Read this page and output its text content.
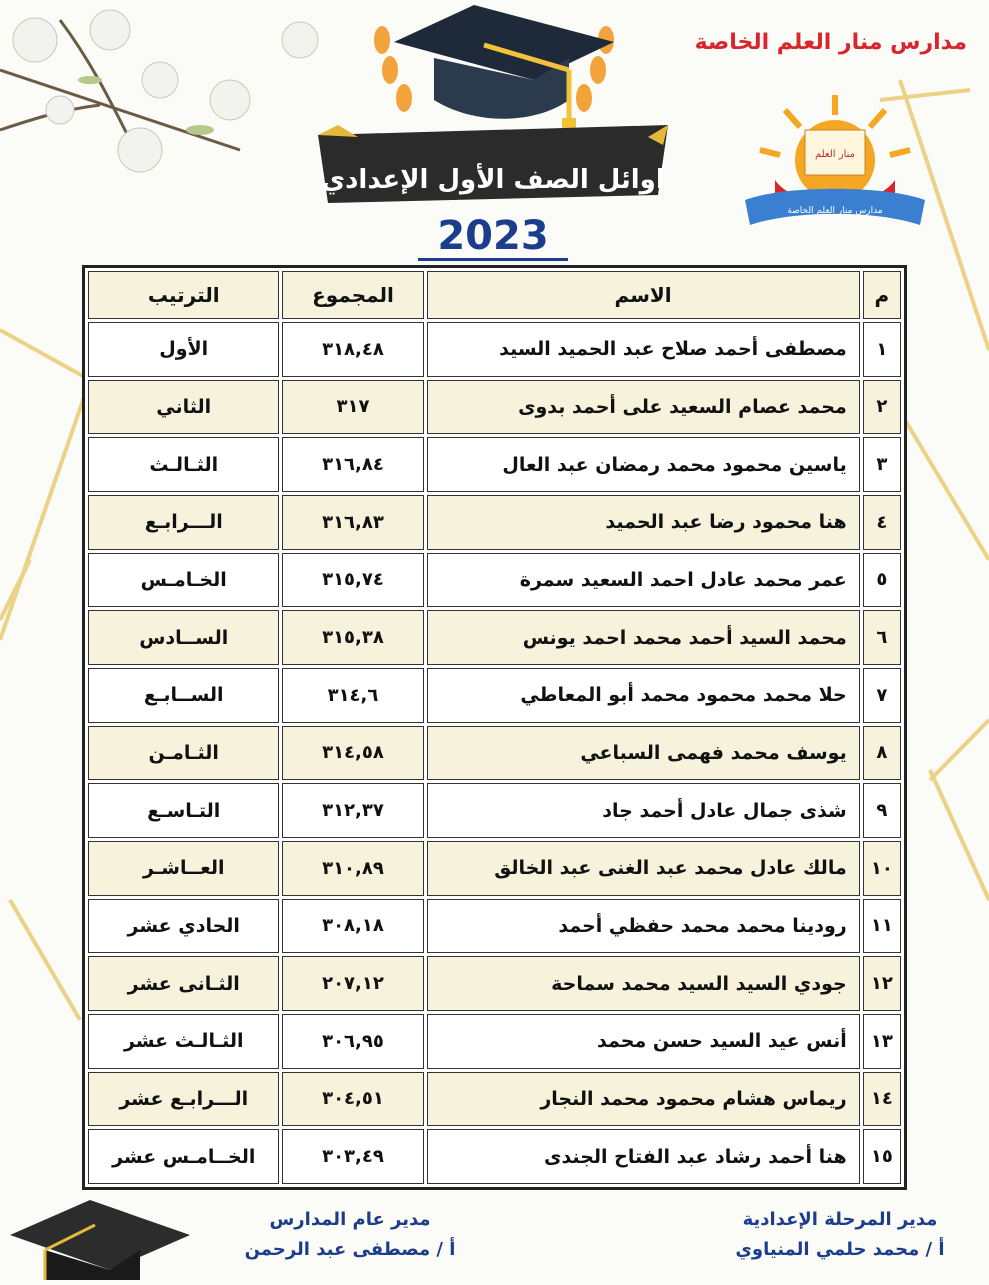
اوائل الصف الأول الإعدادي
2023
مدارس منار العلم الخاصة
منار العلم
مدارس منار العلم الخاصة
م	الاسم	المجموع	الترتيب
١	مصطفى أحمد صلاح عبد الحميد السيد	٣١٨,٤٨	الأول
٢	محمد عصام السعيد على أحمد بدوى	٣١٧	الثاني
٣	ياسين محمود محمد رمضان عبد العال	٣١٦,٨٤	الثـالـث
٤	هنا محمود رضا عبد الحميد	٣١٦,٨٣	الـــرابـع
٥	عمر محمد عادل احمد السعيد سمرة	٣١٥,٧٤	الخـامـس
٦	محمد السيد أحمد محمد احمد يونس	٣١٥,٣٨	الســادس
٧	حلا محمد محمود محمد أبو المعاطي	٣١٤,٦	الســابـع
٨	يوسف محمد فهمى السباعي	٣١٤,٥٨	الثـامـن
٩	شذى جمال عادل أحمد جاد	٣١٢,٣٧	التـاسـع
١٠	مالك عادل محمد عبد الغنى عبد الخالق	٣١٠,٨٩	العــاشـر
١١	رودينا محمد محمد حفظي أحمد	٣٠٨,١٨	الحادي عشر
١٢	جودي السيد السيد محمد سماحة	٢٠٧,١٢	الثـانى عشر
١٣	أنس عيد السيد حسن محمد	٣٠٦,٩٥	الثـالـث عشر
١٤	ريماس هشام محمود محمد النجار	٣٠٤,٥١	الـــرابـع عشر
١٥	هنا أحمد رشاد عبد الفتاح الجندى	٣٠٣,٤٩	الخــامـس عشر
مدير عام المدارس
أ / مصطفى عبد الرحمن
مدير المرحلة الإعدادية
أ / محمد حلمي المنياوي
